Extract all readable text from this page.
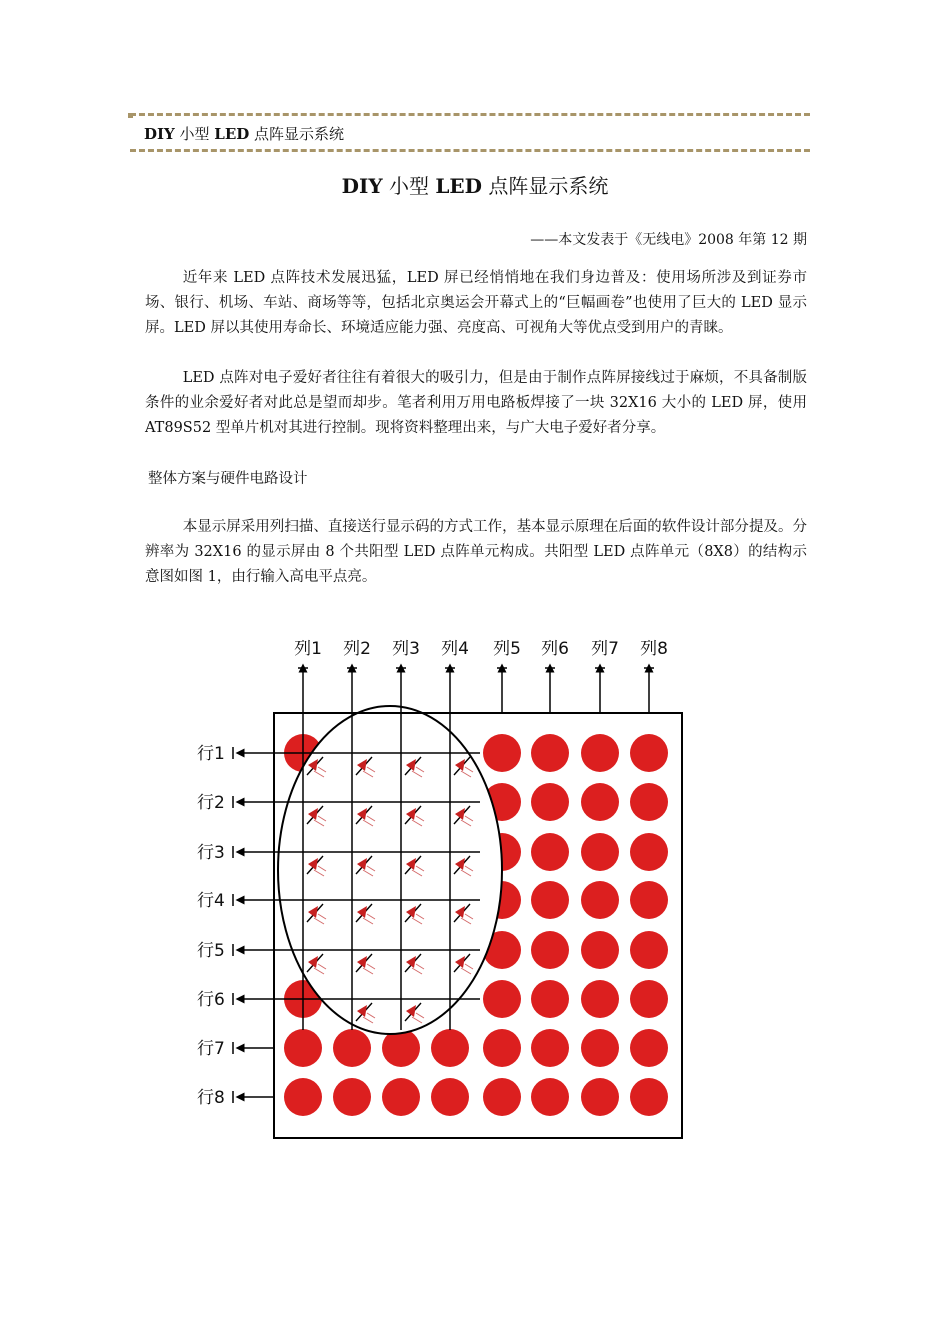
DIY 小型 LED 点阵显示系统
DIY 小型 LED 点阵显示系统
——本文发表于《无线电》2008 年第 12 期

近年来 LED 点阵技术发展迅猛，LED 屏已经悄悄地在我们身边普及：使用场所涉及到证券市场、银行、机场、车站、商场等等，包括北京奥运会开幕式上的“巨幅画卷”也使用了巨大的 LED 显示屏。LED 屏以其使用寿命长、环境适应能力强、亮度高、可视角大等优点受到用户的青睐。

LED 点阵对电子爱好者往往有着很大的吸引力，但是由于制作点阵屏接线过于麻烦，不具备制版条件的业余爱好者对此总是望而却步。笔者利用万用电路板焊接了一块 32X16 大小的 LED 屏，使用 AT89S52 型单片机对其进行控制。现将资料整理出来，与广大电子爱好者分享。

整体方案与硬件电路设计

本显示屏采用列扫描、直接送行显示码的方式工作，基本显示原理在后面的软件设计部分提及。分辨率为 32X16 的显示屏由 8 个共阳型 LED 点阵单元构成。共阳型 LED 点阵单元（8X8）的结构示意图如图 1，由行输入高电平点亮。

列1 列2 列3 列4 列5 列6 列7 列8
行1
行2
行3
行4
行5
行6
行7
行8
